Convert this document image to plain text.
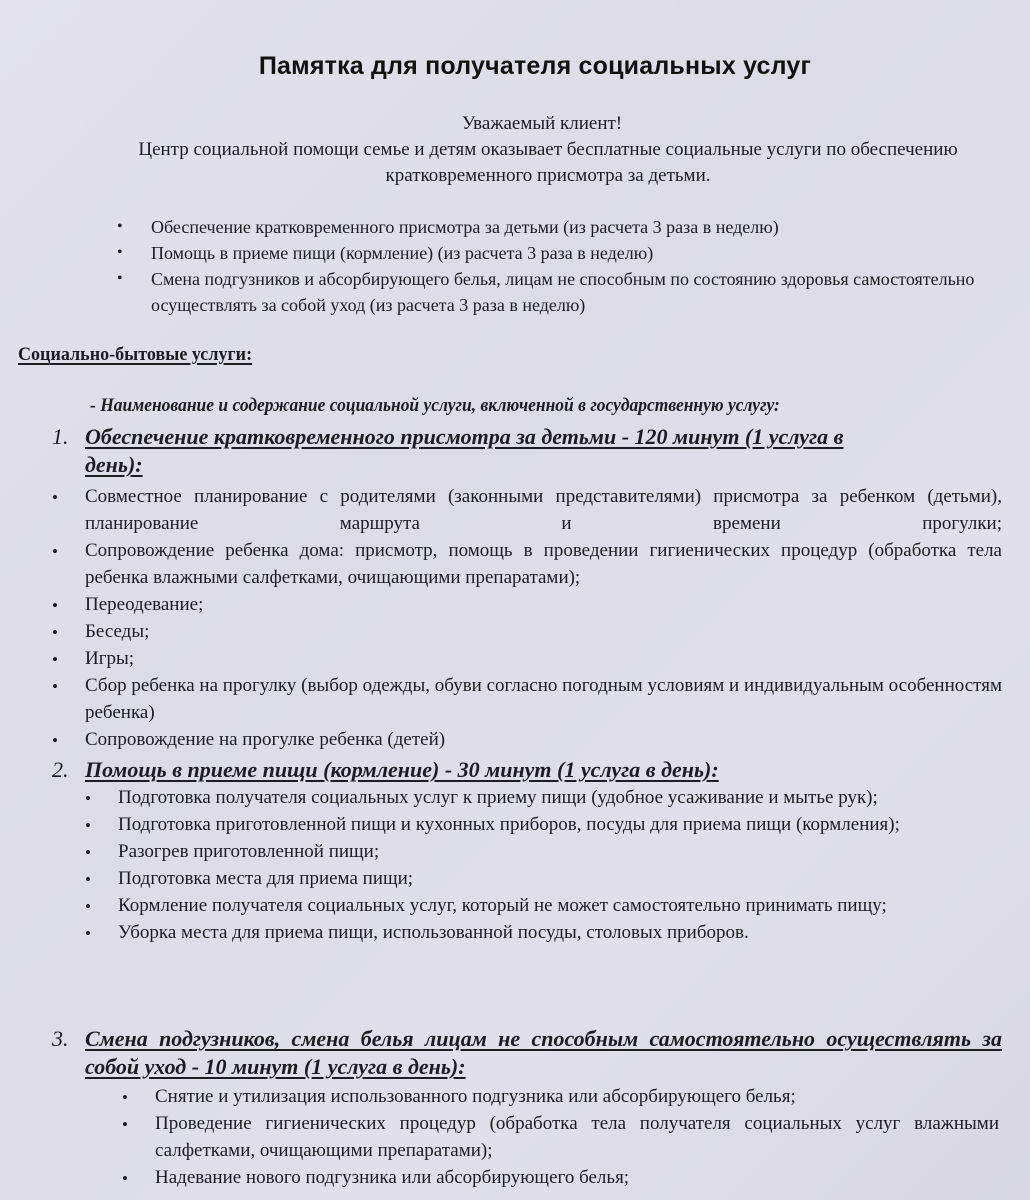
Памятка для получателя социальных услуг
Уважаемый клиент!
Центр социальной помощи семье и детям оказывает бесплатные социальные услуги по обеспечению кратковременного присмотра за детьми.
• Обеспечение кратковременного присмотра за детьми (из расчета 3 раза в неделю)
• Помощь в приеме пищи (кормление) (из расчета 3 раза в неделю)
• Смена подгузников и абсорбирующего белья, лицам не способным по состоянию здоровья самостоятельно осуществлять за собой уход (из расчета 3 раза в неделю)
Социально-бытовые услуги:
- Наименование и содержание социальной услуги, включенной в государственную услугу:
1. Обеспечение кратковременного присмотра за детьми - 120 минут (1 услуга в день):
• Совместное планирование с родителями (законными представителями) присмотра за ребенком (детьми), планирование маршрута и времени прогулки;
• Сопровождение ребенка дома: присмотр, помощь в проведении гигиенических процедур (обработка тела ребенка влажными салфетками, очищающими препаратами);
• Переодевание;
• Беседы;
• Игры;
• Сбор ребенка на прогулку (выбор одежды, обуви согласно погодным условиям и индивидуальным особенностям ребенка)
• Сопровождение на прогулке ребенка (детей)
2. Помощь в приеме пищи (кормление) - 30 минут (1 услуга в день):
• Подготовка получателя социальных услуг к приему пищи (удобное усаживание и мытье рук);
• Подготовка приготовленной пищи и кухонных приборов, посуды для приема пищи (кормления);
• Разогрев приготовленной пищи;
• Подготовка места для приема пищи;
• Кормление получателя социальных услуг, который не может самостоятельно принимать пищу;
• Уборка места для приема пищи, использованной посуды, столовых приборов.
3. Смена подгузников, смена белья лицам не способным самостоятельно осуществлять за собой уход - 10 минут (1 услуга в день):
• Снятие и утилизация использованного подгузника или абсорбирующего белья;
• Проведение гигиенических процедур (обработка тела получателя социальных услуг влажными салфетками, очищающими препаратами);
• Надевание нового подгузника или абсорбирующего белья;
